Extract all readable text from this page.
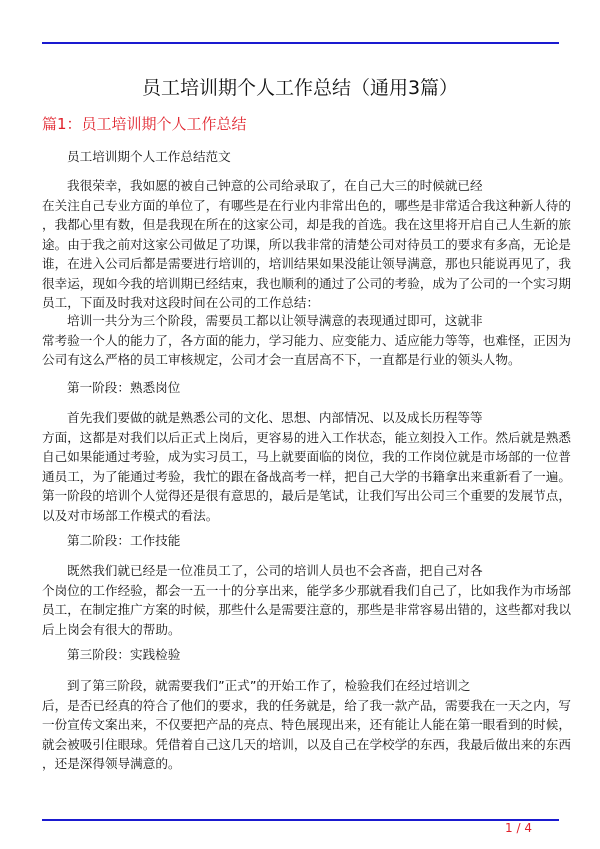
员工培训期个人工作总结（通用3篇）
篇1：员工培训期个人工作总结
员工培训期个人工作总结范文
我很荣幸，我如愿的被自己钟意的公司给录取了，在自己大三的时候就已经
在关注自己专业方面的单位了，有哪些是在行业内非常出色的，哪些是非常适合我这种新人待的
，我都心里有数，但是我现在所在的这家公司，却是我的首选。我在这里将开启自己人生新的旅
途。由于我之前对这家公司做足了功课，所以我非常的清楚公司对待员工的要求有多高，无论是
谁，在进入公司后都是需要进行培训的，培训结果如果没能让领导满意，那也只能说再见了，我
很幸运，现如今我的培训期已经结束，我也顺利的通过了公司的考验，成为了公司的一个实习期
员工，下面及时我对这段时间在公司的工作总结：
培训一共分为三个阶段，需要员工都以让领导满意的表现通过即可，这就非
常考验一个人的能力了，各方面的能力，学习能力、应变能力、适应能力等等，也难怪，正因为
公司有这么严格的员工审核规定，公司才会一直居高不下，一直都是行业的领头人物。
第一阶段：熟悉岗位
首先我们要做的就是熟悉公司的文化、思想、内部情况、以及成长历程等等
方面，这都是对我们以后正式上岗后，更容易的进入工作状态，能立刻投入工作。然后就是熟悉
自己如果能通过考验，成为实习员工，马上就要面临的岗位，我的工作岗位就是市场部的一位普
通员工，为了能通过考验，我忙的跟在备战高考一样，把自己大学的书籍拿出来重新看了一遍。
第一阶段的培训个人觉得还是很有意思的，最后是笔试，让我们写出公司三个重要的发展节点，
以及对市场部工作模式的看法。
第二阶段：工作技能
既然我们就已经是一位准员工了，公司的培训人员也不会吝啬，把自己对各
个岗位的工作经验，都会一五一十的分享出来，能学多少那就看我们自己了，比如我作为市场部
员工，在制定推广方案的时候，那些什么是需要注意的，那些是非常容易出错的，这些都对我以
后上岗会有很大的帮助。
第三阶段：实践检验
到了第三阶段，就需要我们”正式”的开始工作了，检验我们在经过培训之
后，是否已经真的符合了他们的要求，我的任务就是，给了我一款产品，需要我在一天之内，写
一份宣传文案出来，不仅要把产品的亮点、特色展现出来，还有能让人能在第一眼看到的时候，
就会被吸引住眼球。凭借着自己这几天的培训，以及自己在学校学的东西，我最后做出来的东西
，还是深得领导满意的。
1 / 4
